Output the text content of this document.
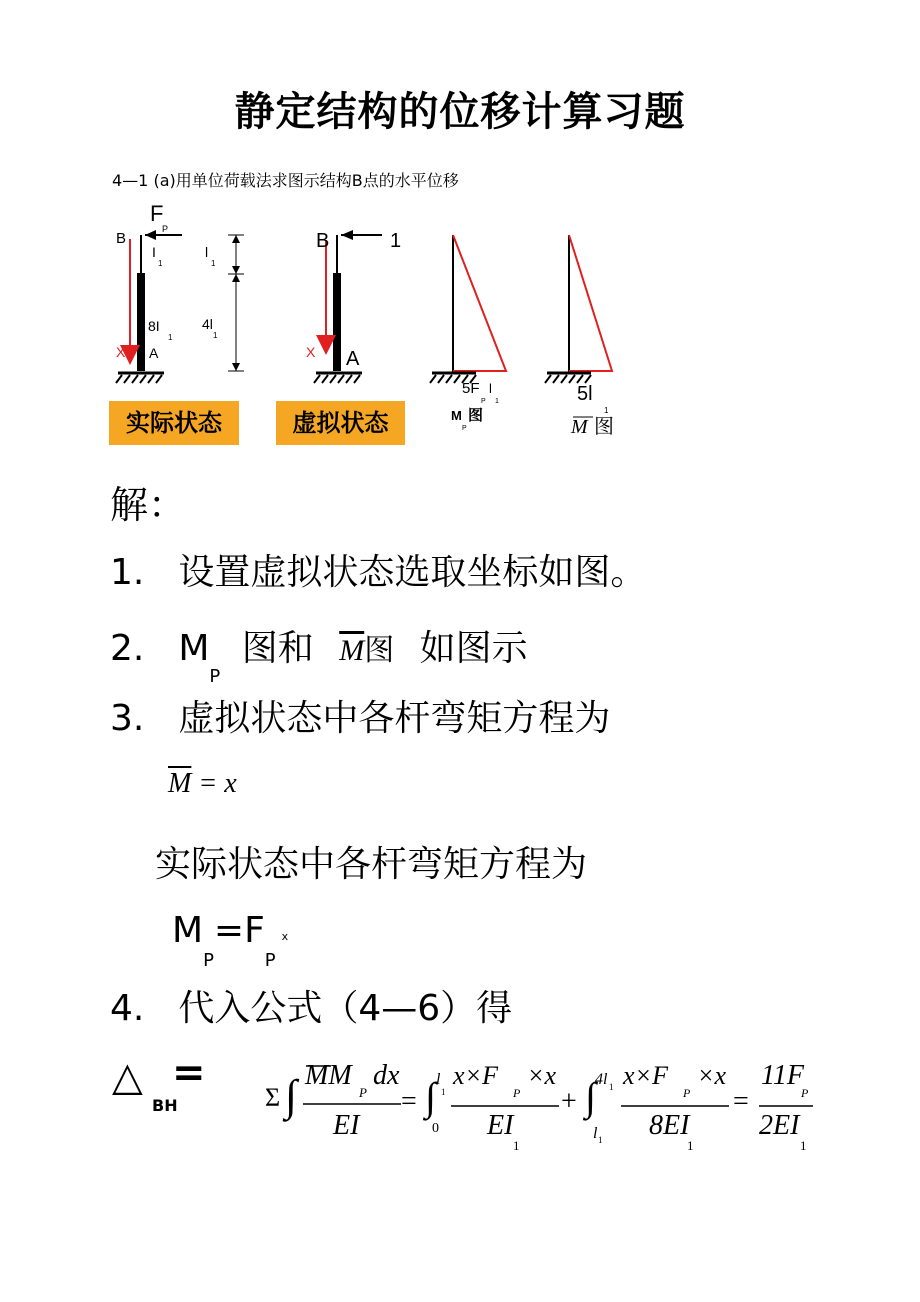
静定结构的位移计算习题
4—1 (a)用单位荷载法求图示结构B点的水平位移
F
P
B
X A
I
1
8I
1
l
1
4l
1
B	1
X A
5F
P
l
1
M
P
图
5l
1
M 图
实际状态	虚拟状态
解：
1. 设置虚拟状态选取坐标如图。
2. $M_P$ 图和 $\overline{M}$图 如图示
3. 虚拟状态中各杆弯矩方程为
$\overline{M} = x$
实际状态中各杆弯矩方程为
$M_P=F_Px$
4. 代入公式（4—6）得
△
BH
=
Σ ∫ MM
P
dx
EI
= ∫ l
1
0
x×F
P
×x
EI
1
+ ∫ 4l 1
l 1
x×F
P
×x
8EI
1
=
11F
P
2EI
1
